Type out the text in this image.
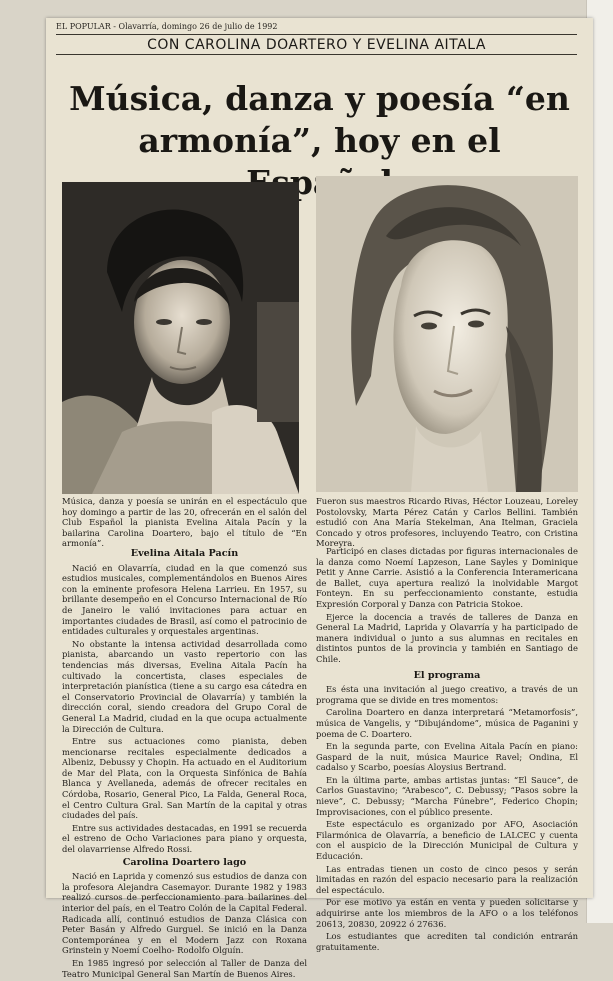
EL POPULAR - Olavarría, domingo 26 de julio de 1992
CON CAROLINA DOARTERO Y EVELINA AITALA
Música, danza y poesía “en armonía”, hoy en el
Música, danza y poesía se unirán en el espectáculo que hoy domingo a partir de las 20, ofrecerán en el salón del Club Español la pianista Evelina Aitala Pacín y la bailarina Carolina Doartero, bajo el título de “En armonía”.
Fueron sus maestros Ricardo Rivas, Héctor Louzeau, Loreley Postolovsky, Marta Pérez Catán y Carlos Bellini. También estudió con Ana María Stekelman, Ana Itelman, Graciela Concado y otros profesores, incluyendo Teatro, con Cristina Moreyra.
Evelina Aitala Pacín

Nació en Olavarría, ciudad en la que comenzó sus estudios musicales, complementándolos en Buenos Aires con la eminente profesora Helena Larrieu. En 1957, su brillante desempeño en el Concurso Internacional de Río de Janeiro le valió invitaciones para actuar en importantes ciudades de Brasil, así como el patrocinio de entidades culturales y orquestales argentinas.

No obstante la intensa actividad desarrollada como pianista, abarcando un vasto repertorio con las tendencias más diversas, Evelina Aitala Pacín ha cultivado la concertista, clases especiales de interpretación pianística (tiene a su cargo esa cátedra en el Conservatorio Provincial de Olavarría) y también la dirección coral, siendo creadora del Grupo Coral de General La Madrid, ciudad en la que ocupa actualmente la Dirección de Cultura.

Entre sus actuaciones como pianista, deben mencionarse recitales especialmente dedicados a Albeniz, Debussy y Chopin. Ha actuado en el Auditorium de Mar del Plata, con la Orquesta Sinfónica de Bahía Blanca y Avellaneda, además de ofrecer recitales en Córdoba, Rosario, General Pico, La Falda, General Roca, el Centro Cultura Gral. San Martín de la capital y otras ciudades del país.

Entre sus actividades destacadas, en 1991 se recuerda el estreno de Ocho Variaciones para piano y orquesta, del olavarriense Alfredo Rossi.

Carolina Doartero lago

Nació en Laprida y comenzó sus estudios de danza con la profesora Alejandra Casemayor. Durante 1982 y 1983 realizó cursos de perfeccionamiento para bailarines del interior del país, en el Teatro Colón de la Capital Federal. Radicada allí, continuó estudios de Danza Clásica con Peter Basán y Alfredo Gurguel. Se inició en la Danza Contemporánea y en el Modern Jazz con Roxana Grinstein y Noemí Coelho- Rodolfo Olguín.

En 1985 ingresó por selección al Taller de Danza del Teatro Municipal General San Martín de Buenos Aires.

Participó en clases dictadas por figuras internacionales de la danza como Noemí Lapzeson, Lane Sayles y Dominique Petit y Anne Carrie. Asistió a la Conferencia Interamericana de Ballet, cuya apertura realizó la inolvidable Margot Fonteyn. En su perfeccionamiento constante, estudia Expresión Corporal y Danza con Patricia Stokoe.

Ejerce la docencia a través de talleres de Danza en General La Madrid, Laprida y Olavarría y ha participado de manera individual o junto a sus alumnas en recitales en distintos puntos de la provincia y también en Santiago de Chile.

El programa

Es ésta una invitación al juego creativo, a través de un programa que se divide en tres momentos:

Carolina Doartero en danza interpretará “Metamorfosis”, música de Vangelis, y “Dibujándome”, música de Paganini y poema de C. Doartero.

En la segunda parte, con Evelina Aitala Pacín en piano: Gaspard de la nuit, música Maurice Ravel; Ondina, El cadalso y Scarbo, poesías Aloysius Bertrand.

En la última parte, ambas artistas juntas: “El Sauce”, de Carlos Guastavino; “Arabesco”, C. Debussy; “Pasos sobre la nieve”, C. Debussy; “Marcha Fúnebre”, Federico Chopin; Improvisaciones, con el público presente.

Este espectáculo es organizado por AFO, Asociación Filarmónica de Olavarría, a beneficio de LALCEC y cuenta con el auspicio de la Dirección Municipal de Cultura y Educación.

Las entradas tienen un costo de cinco pesos y serán limitadas en razón del espacio necesario para la realización del espectáculo.

Por ese motivo ya están en venta y pueden solicitarse y adquirirse ante los miembros de la AFO o a los teléfonos 20613, 20830, 20922 ó 27636.

Los estudiantes que acrediten tal condición entrarán gratuitamente.
